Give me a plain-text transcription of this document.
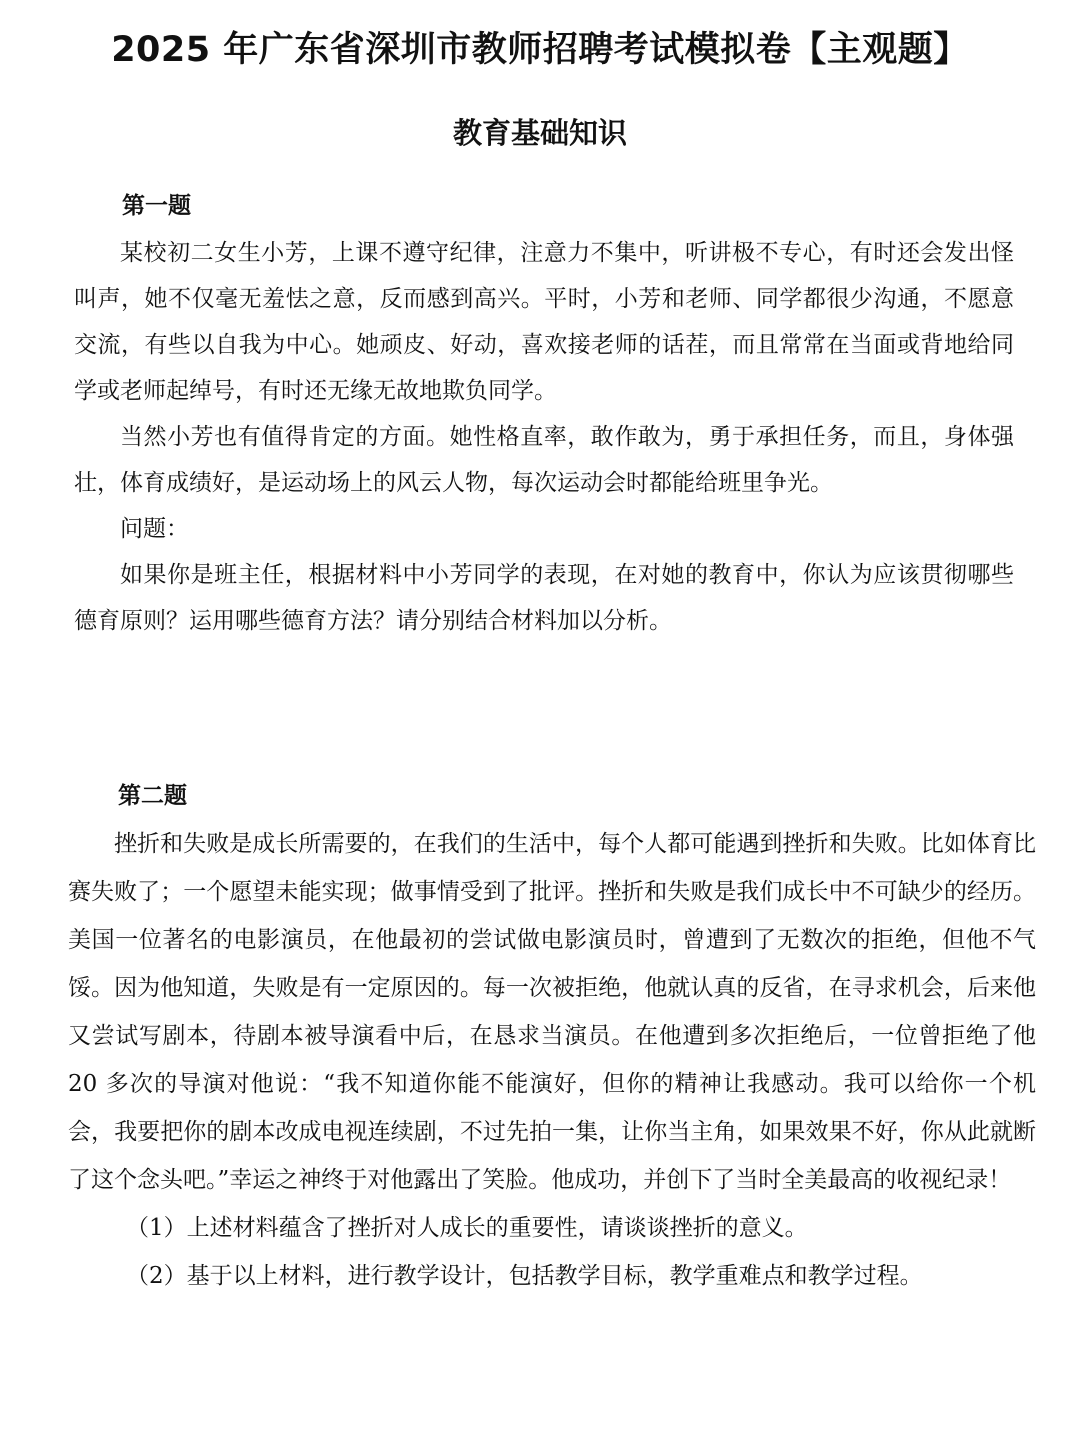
2025 年广东省深圳市教师招聘考试模拟卷【主观题】
教育基础知识
第一题

某校初二女生小芳，上课不遵守纪律，注意力不集中，听讲极不专心，有时还会发出怪叫声，她不仅毫无羞怯之意，反而感到高兴。平时，小芳和老师、同学都很少沟通，不愿意交流，有些以自我为中心。她顽皮、好动，喜欢接老师的话茬，而且常常在当面或背地给同学或老师起绰号，有时还无缘无故地欺负同学。

当然小芳也有值得肯定的方面。她性格直率，敢作敢为，勇于承担任务，而且，身体强壮，体育成绩好，是运动场上的风云人物，每次运动会时都能给班里争光。

问题：

如果你是班主任，根据材料中小芳同学的表现，在对她的教育中，你认为应该贯彻哪些德育原则？运用哪些德育方法？请分别结合材料加以分析。

第二题

挫折和失败是成长所需要的，在我们的生活中，每个人都可能遇到挫折和失败。比如体育比赛失败了；一个愿望未能实现；做事情受到了批评。挫折和失败是我们成长中不可缺少的经历。美国一位著名的电影演员，在他最初的尝试做电影演员时，曾遭到了无数次的拒绝，但他不气馁。因为他知道，失败是有一定原因的。每一次被拒绝，他就认真的反省，在寻求机会，后来他又尝试写剧本，待剧本被导演看中后，在恳求当演员。在他遭到多次拒绝后，一位曾拒绝了他 20 多次的导演对他说：“我不知道你能不能演好，但你的精神让我感动。我可以给你一个机会，我要把你的剧本改成电视连续剧，不过先拍一集，让你当主角，如果效果不好，你从此就断了这个念头吧。”幸运之神终于对他露出了笑脸。他成功，并创下了当时全美最高的收视纪录！

（1）上述材料蕴含了挫折对人成长的重要性，请谈谈挫折的意义。

（2）基于以上材料，进行教学设计，包括教学目标，教学重难点和教学过程。
